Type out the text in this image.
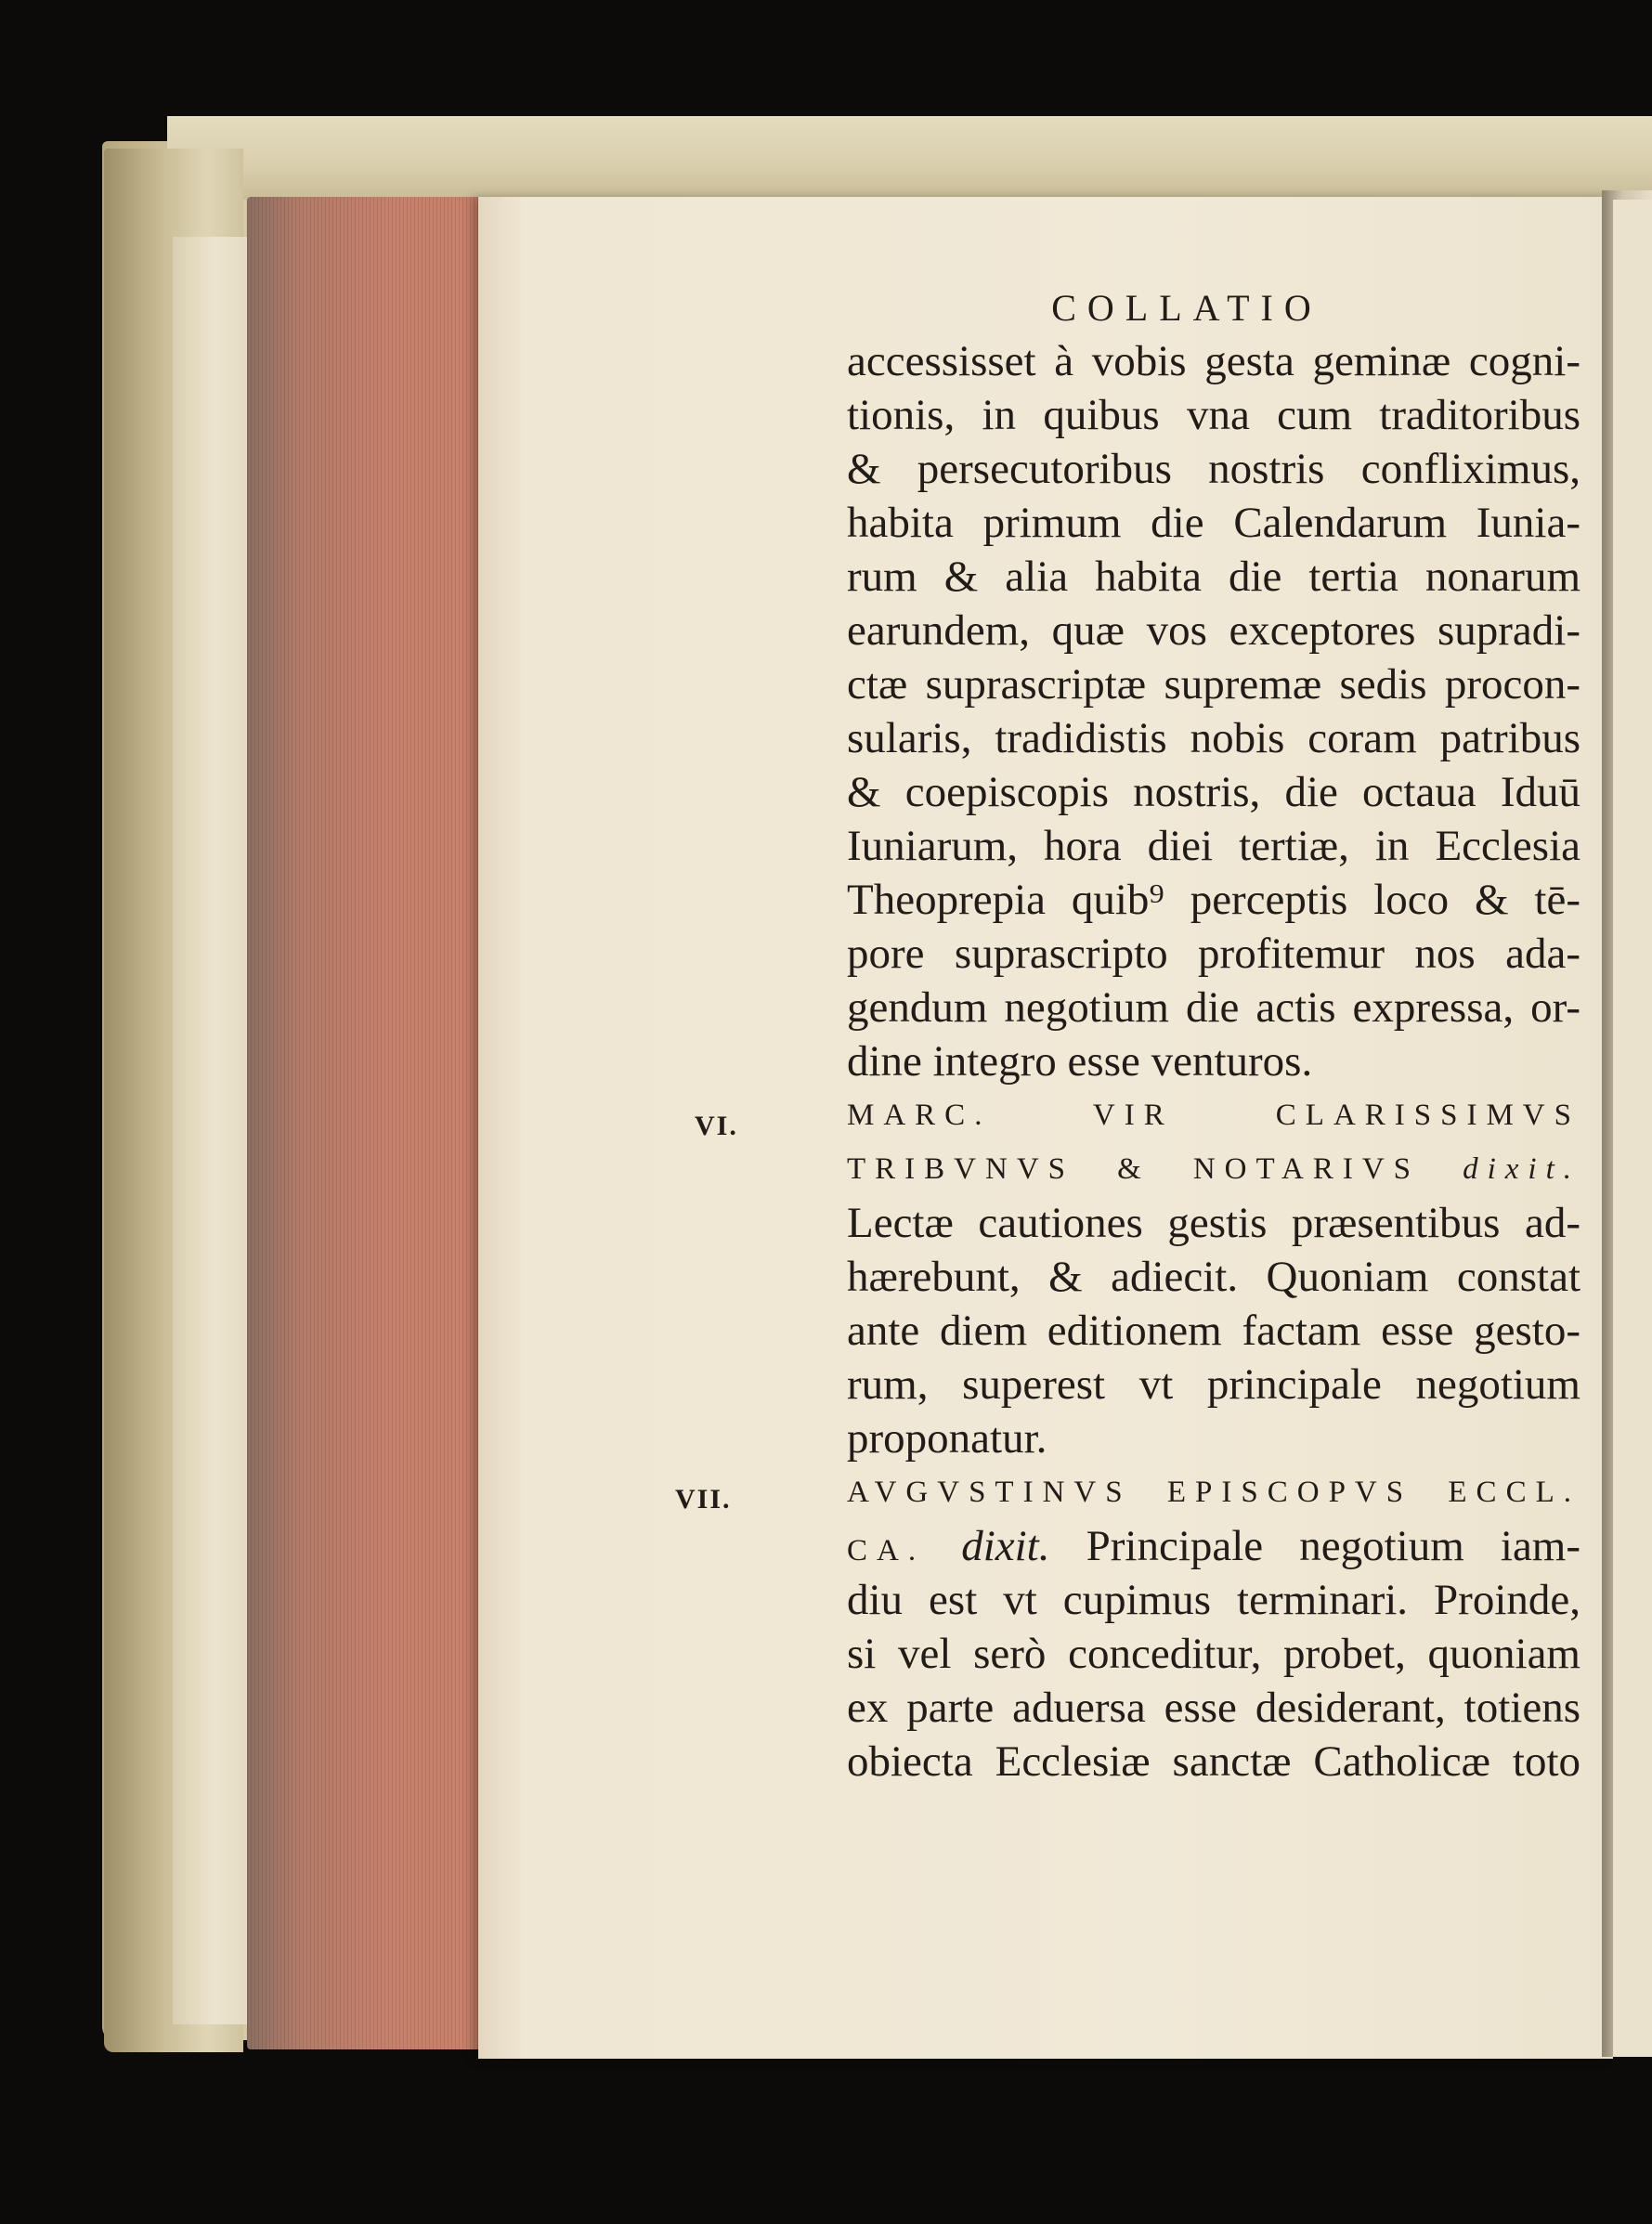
COLLATIO
accessisset à vobis gesta geminæ cogni-
tionis, in quibus vna cum traditoribus
& persecutoribus nostris confliximus,
habita primum die Calendarum Iunia-
rum & alia habita die tertia nonarum
earundem, quæ vos exceptores supradi-
ctæ suprascriptæ supremæ sedis procon-
sularis, tradidistis nobis coram patribus
& coepiscopis nostris, die octaua Iduū
Iuniarum, hora diei tertiæ, in Ecclesia
Theoprepia quib⁹ perceptis loco & tē-
pore suprascripto profitemur nos ada-
gendum negotium die actis expressa, or-
dine integro esse venturos.
MARC. VIR CLARISSIMVS
TRIBVNVS & NOTARIVS dixit.
Lectæ cautiones gestis præsentibus ad-
hærebunt, & adiecit. Quoniam constat
ante diem editionem factam esse gesto-
rum, superest vt principale negotium
proponatur.
AVGVSTINVS EPISCOPVS ECCL.
CA. dixit. Principale negotium iam-
diu est vt cupimus terminari. Proinde,
si vel serò conceditur, probet, quoniam
ex parte aduersa esse desiderant, totiens
obiecta Ecclesiæ sanctæ Catholicæ toto
VI.
VII.
